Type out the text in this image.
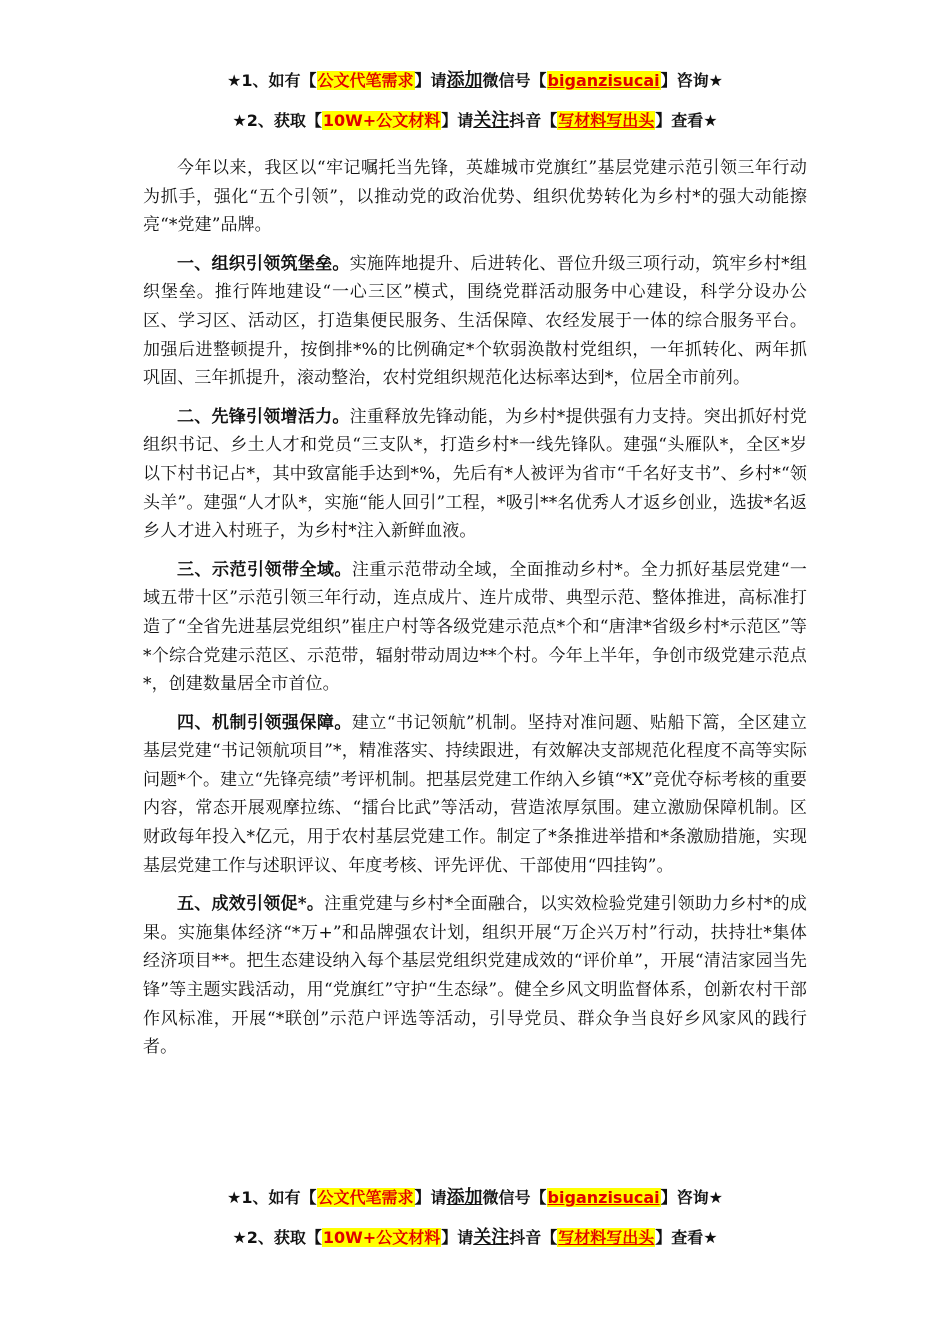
★1、如有【公文代笔需求】请添加微信号【biganzisucai】咨询★
★2、获取【10W+公文材料】请关注抖音【写材料写出头】查看★

今年以来，我区以“牢记嘱托当先锋，英雄城市党旗红”基层党建示范引领三年行动为抓手，强化“五个引领”，以推动党的政治优势、组织优势转化为乡村*的强大动能擦亮“*党建”品牌。

一、组织引领筑堡垒。实施阵地提升、后进转化、晋位升级三项行动，筑牢乡村*组织堡垒。推行阵地建设“一心三区”模式，围绕党群活动服务中心建设，科学分设办公区、学习区、活动区，打造集便民服务、生活保障、农经发展于一体的综合服务平台。加强后进整顿提升，按倒排*%的比例确定*个软弱涣散村党组织，一年抓转化、两年抓巩固、三年抓提升，滚动整治，农村党组织规范化达标率达到*，位居全市前列。

二、先锋引领增活力。注重释放先锋动能，为乡村*提供强有力支持。突出抓好村党组织书记、乡土人才和党员“三支队*，打造乡村*一线先锋队。建强“头雁队*，全区*岁以下村书记占*，其中致富能手达到*%，先后有*人被评为省市“千名好支书”、乡村*“领头羊”。建强“人才队*，实施“能人回引”工程，*吸引**名优秀人才返乡创业，选拔*名返乡人才进入村班子，为乡村*注入新鲜血液。

三、示范引领带全域。注重示范带动全域，全面推动乡村*。全力抓好基层党建“一域五带十区”示范引领三年行动，连点成片、连片成带、典型示范、整体推进，高标准打造了“全省先进基层党组织”崔庄户村等各级党建示范点*个和“唐津*省级乡村*示范区”等*个综合党建示范区、示范带，辐射带动周边**个村。今年上半年，争创市级党建示范点*，创建数量居全市首位。

四、机制引领强保障。建立“书记领航”机制。坚持对准问题、贴船下篙，全区建立基层党建“书记领航项目”*，精准落实、持续跟进，有效解决支部规范化程度不高等实际问题*个。建立“先锋亮绩”考评机制。把基层党建工作纳入乡镇“*X”竞优夺标考核的重要内容，常态开展观摩拉练、“擂台比武”等活动，营造浓厚氛围。建立激励保障机制。区财政每年投入*亿元，用于农村基层党建工作。制定了*条推进举措和*条激励措施，实现基层党建工作与述职评议、年度考核、评先评优、干部使用“四挂钩”。

五、成效引领促*。注重党建与乡村*全面融合，以实效检验党建引领助力乡村*的成果。实施集体经济“*万+”和品牌强农计划，组织开展“万企兴万村”行动，扶持壮*集体经济项目**。把生态建设纳入每个基层党组织党建成效的“评价单”，开展“清洁家园当先锋”等主题实践活动，用“党旗红”守护“生态绿”。健全乡风文明监督体系，创新农村干部作风标准，开展“*联创”示范户评选等活动，引导党员、群众争当良好乡风家风的践行者。

★1、如有【公文代笔需求】请添加微信号【biganzisucai】咨询★
★2、获取【10W+公文材料】请关注抖音【写材料写出头】查看★
